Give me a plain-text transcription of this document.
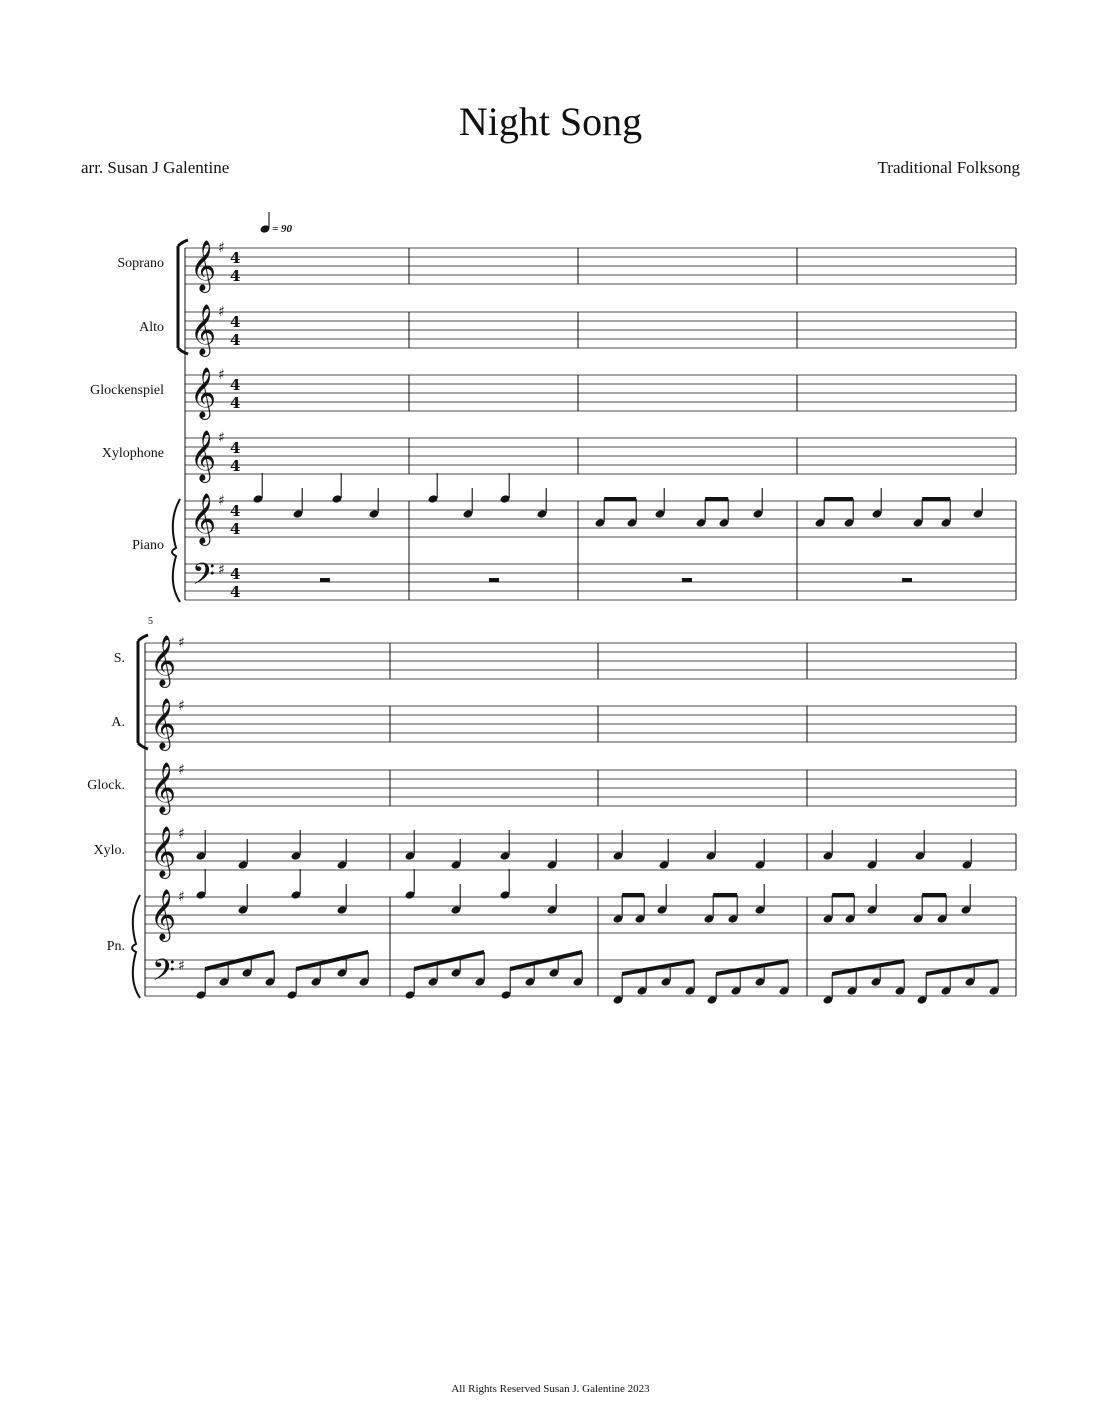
Night Song
arr. Susan J Galentine	Traditional Folksong
Soprano
Alto
Glockenspiel
Xylophone
Piano
S.
A.
Glock.
Xylo.
Pn.
5
= 90
𝄞 ♯
4
4
𝄞 ♯
4
4
𝄞 ♯
4
4
𝄞 ♯
4
4
𝄞 ♯
4
4
𝄢 ♯ 4
4
𝄞 ♯
𝄞 ♯
𝄞 ♯
𝄞 ♯
𝄞 ♯
𝄢 ♯
All Rights Reserved Susan J. Galentine 2023
